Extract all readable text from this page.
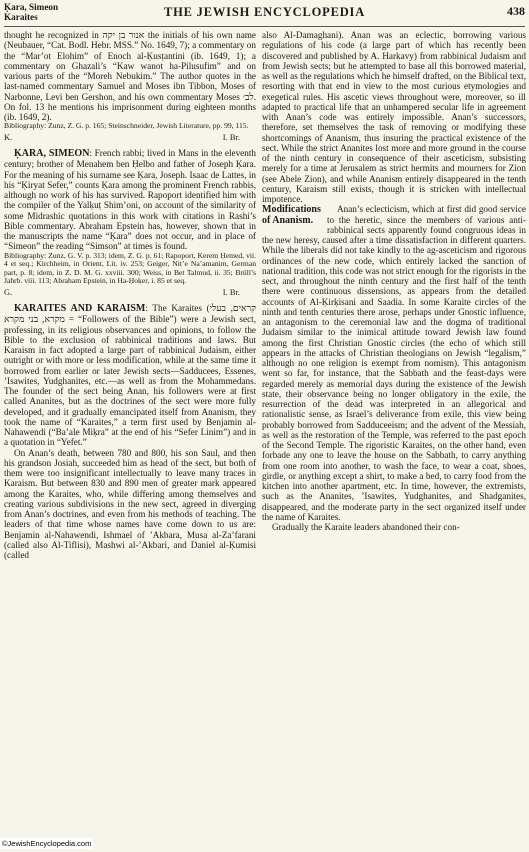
Ḳara, Simeon
Karaites	THE JEWISH ENCYCLOPEDIA	438

thought he recognized in אנור בן יקה the initials of his own name (Neubauer, “Cat. Bodl. Hebr. MSS.” No. 1649, 7); a commentary on the “Mar’ot Elohim” of Enoch al-Ḳusṭantini (ib. 1649, 1); a commentary on Ghazali’s “Kaw wanot ha-Pilusufim” and on various parts of the “Moreh Nebukim.” The author quotes in the last-named commentary Samuel and Moses ibn Tibbon, Moses of Narbonne, Levi ben Gershon, and his own commentary Moses לב׳. On fol. 13 he mentions his imprisonment during eighteen months (ib. 1649, 2).

Bibliography: Zunz, Z. G. p. 165; Steinschneider, Jewish Literature, pp. 99, 115.

K.	I. Br.

ḲARA, SIMEON: French rabbi; lived in Mans in the eleventh century; brother of Menahem ben Ḥelbo and father of Joseph Ḳara. For the meaning of his surname see Ḳara, Joseph. Isaac de Lattes, in his “Ḳiryat Sefer,” counts Ḳara among the prominent French rabbis, although no work of his has survived. Rapoport identified him with the compiler of the Yalḳuṭ Shim’oni, on account of the similarity of some Midrashic quotations in this work with citations in Rashi’s Bible commentary. Abraham Epstein has, however, shown that in the manuscripts the name “Ḳara” does not occur, and in place of “Simeon” the reading “Simson” at times is found.

Bibliography: Zunz, G. V. p. 313; idem, Z. G. p. 61; Rapoport, Kerem Ḥemed, vii. 4 et seq.; Kirchheim, in Orient, Lit. iv. 253; Geiger, Nit’e Na’amanim, German part, p. 8; idem, in Z. D. M. G. xxviii. 300; Weiss, in Bet Talmud, ii. 35; Brüll’s Jahrb. viii. 113; Abraham Epstein, in Ha-Ḥoḳer, i. 85 et seq.

G.	I. Br.

KARAITES AND KARAISM: The Karaites (קראים, בעלי מקרא, בני מקרא = “Followers of the Bible”) were a Jewish sect, professing, in its religious observances and opinions, to follow the Bible to the exclusion of rabbinical traditions and laws. But Karaism in fact adopted a large part of rabbinical Judaism, either outright or with more or less modification, while at the same time it borrowed from earlier or later Jewish sects—Sadducees, Essenes, ’Isawites, Yudghanites, etc.—as well as from the Mohammedans. The founder of the sect being Anan, his followers were at first called Ananites, but as the doctrines of the sect were more fully developed, and it gradually emancipated itself from Ananism, they took the name of “Karaites,” a term first used by Benjamin al-Nahawendi (“Ba’ale Miḳra” at the end of his “Sefer Linim”) and in a quotation in “Yefet.”

On Anan’s death, between 780 and 800, his son Saul, and then his grandson Josiah, succeeded him as head of the sect, but both of them were too insignificant intellectually to leave many traces in Karaism. But between 830 and 890 men of greater mark appeared among the Karaites, who, while differing among themselves and creating various subdivisions in the new sect, agreed in diverging from Anan’s doctrines, and even from his methods of teaching. The leaders of that time whose names have come down to us are: Benjamin al-Nahawendi, Ishmael of ’Akbara, Musa al-Za’farani (called also Al-Tiflisi), Mashwi al-’Akbari, and Daniel al-Ḳumisi (called

also Al-Damaghani). Anan was an eclectic, borrowing various regulations of his code (a large part of which has recently been discovered and published by A. Harkavy) from rabbinical Judaism and from Jewish sects; but he attempted to base all this borrowed material, as well as the regulations which he himself drafted, on the Biblical text, resorting with that end in view to the most curious etymologies and exegetical rules. His ascetic views throughout were, moreover, so ill adapted to practical life that an unhampered secular life in agreement with Anan’s code was entirely impossible. Anan’s successors, therefore, set themselves the task of removing or modifying these shortcomings of Ananism, thus insuring the practical existence of the sect. While the strict Ananites lost more and more ground in the course of the ninth century in consequence of their asceticism, subsisting merely for a time at Jerusalem as strict hermits and mourners for Zion (see Abele Zion), and while Ananism entirely disappeared in the tenth century, Karaism still exists, though it is stricken with intellectual impotence.

Modifications of Ananism.

Anan’s eclecticism, which at first did good service to the heretic, since the members of various anti-rabbinical sects apparently found congruous ideas in the new heresy, caused after a time dissatisfaction in different quarters. While the liberals did not take kindly to the ag-asceticism and rigorous ordinances of the new code, which entirely lacked the sanction of national tradition, this code was not strict enough for the rigorists in the sect, and throughout the ninth century and the first half of the tenth there were continuous dissensions, as appears from the detailed accounts of Al-Ḳirḳisani and Saadia. In some Karaite circles of the ninth and tenth centuries there arose, perhaps under Gnostic influence, an antagonism to the ceremonial law and the dogma of traditional Judaism similar to the inimical attitude toward Jewish law found among the first Christian Gnostic circles (the echo of which still appears in the attacks of Christian theologians on Jewish “legalism,” although no one religion is exempt from nomism). This antagonism went so far, for instance, that the Sabbath and the feast-days were regarded merely as memorial days during the existence of the Jewish state, their observance being no longer obligatory in the exile, the resurrection of the dead was interpreted in an allegorical and rationalistic sense, as Israel’s deliverance from exile, this view being probably borrowed from Sadduceeism; and the advent of the Messiah, as well as the restoration of the Temple, was referred to the past epoch of the Second Temple. The rigoristic Karaites, on the other hand, even forbade any one to leave the house on the Sabbath, to carry anything from one room into another, to wash the face, to wear a coat, shoes, girdle, or anything except a shirt, to make a bed, to carry food from the kitchen into another apartment, etc. In time, however, the extremists, such as the Ananites, ’Isawites, Yudghanites, and Shadganites, disappeared, and the moderate party in the sect organized itself under the name of Karaites.

Gradually the Karaite leaders abandoned their con-

©JewishEncyclopedia.com
